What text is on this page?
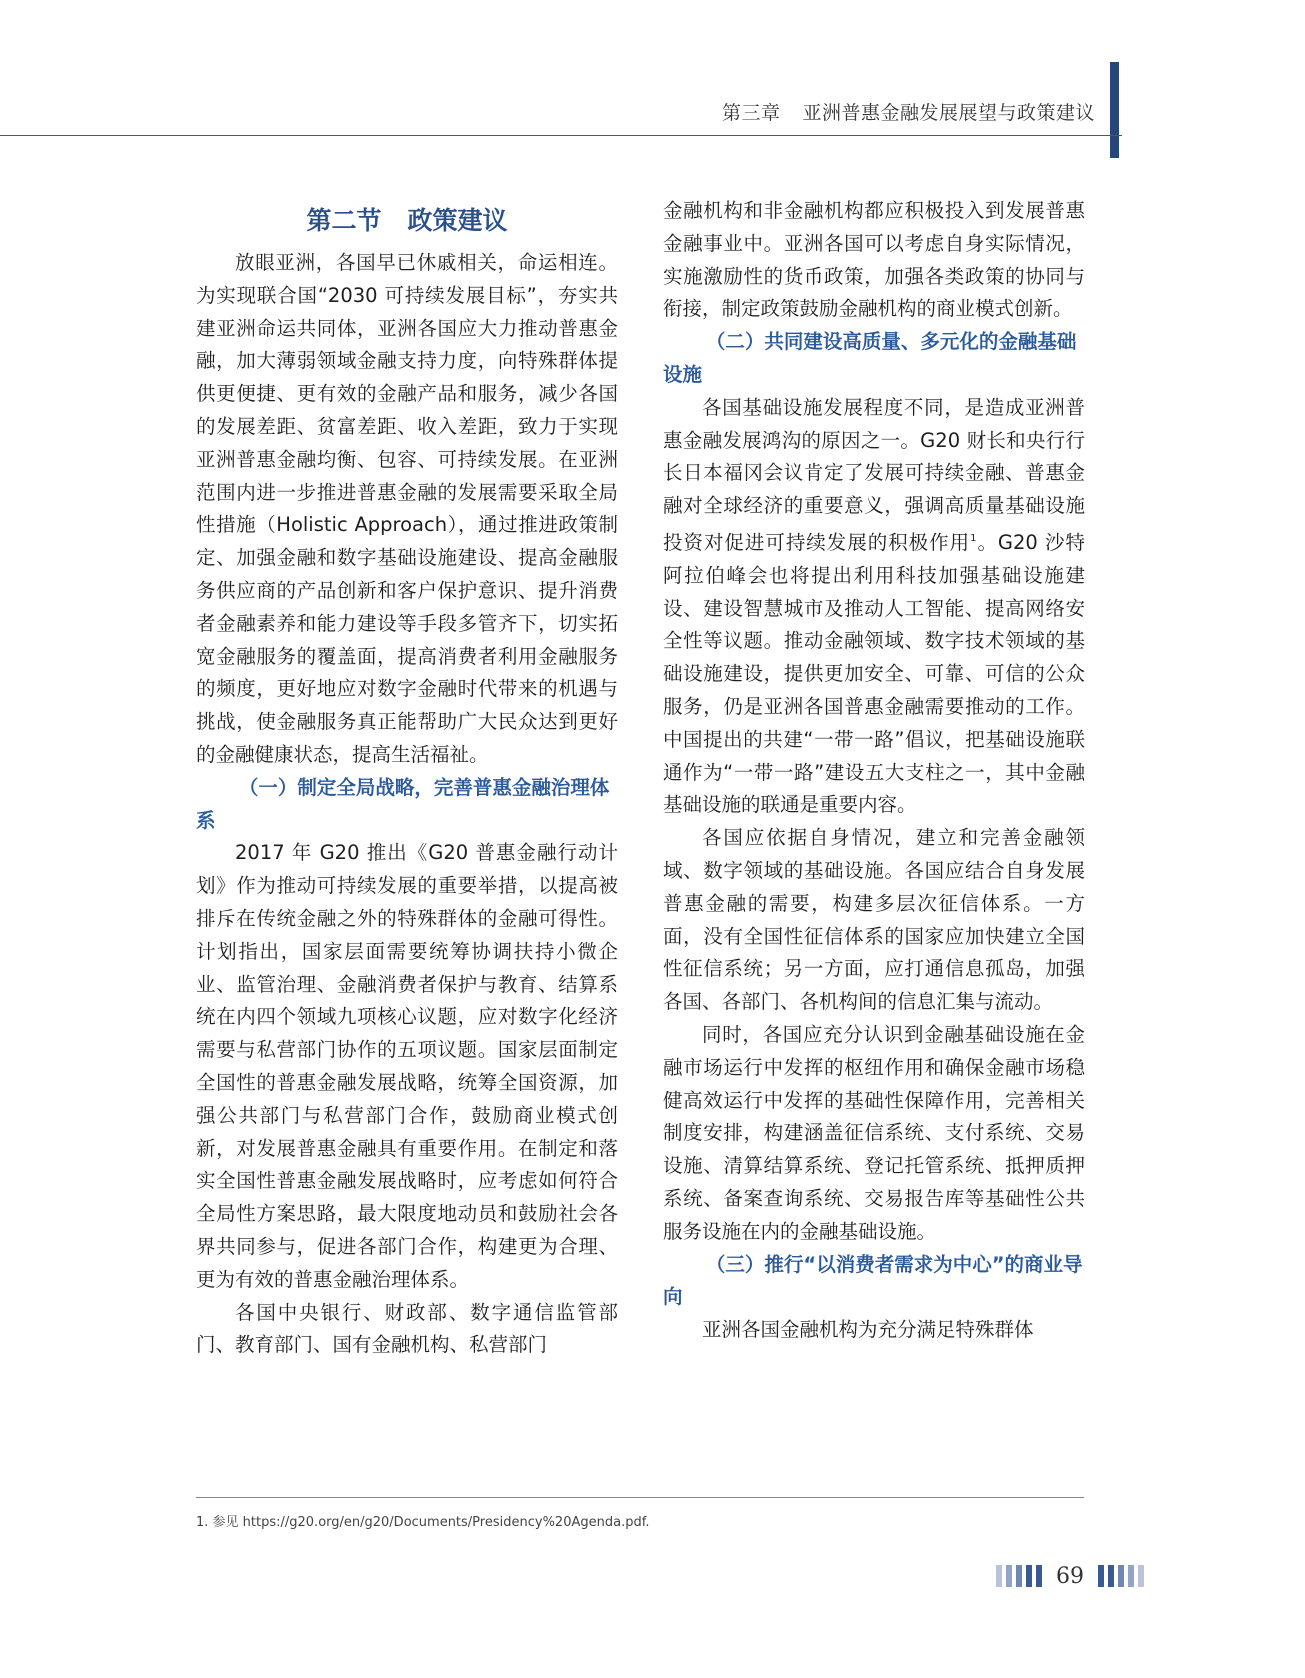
第三章 亚洲普惠金融发展展望与政策建议
第二节 政策建议

放眼亚洲，各国早已休戚相关，命运相连。为实现联合国“2030 可持续发展目标”，夯实共建亚洲命运共同体，亚洲各国应大力推动普惠金融，加大薄弱领域金融支持力度，向特殊群体提供更便捷、更有效的金融产品和服务，减少各国的发展差距、贫富差距、收入差距，致力于实现亚洲普惠金融均衡、包容、可持续发展。在亚洲范围内进一步推进普惠金融的发展需要采取全局性措施（Holistic Approach），通过推进政策制定、加强金融和数字基础设施建设、提高金融服务供应商的产品创新和客户保护意识、提升消费者金融素养和能力建设等手段多管齐下，切实拓宽金融服务的覆盖面，提高消费者利用金融服务的频度，更好地应对数字金融时代带来的机遇与挑战，使金融服务真正能帮助广大民众达到更好的金融健康状态，提高生活福祉。

（一）制定全局战略，完善普惠金融治理体系

2017 年 G20 推出《G20 普惠金融行动计划》作为推动可持续发展的重要举措，以提高被排斥在传统金融之外的特殊群体的金融可得性。计划指出，国家层面需要统筹协调扶持小微企业、监管治理、金融消费者保护与教育、结算系统在内四个领域九项核心议题，应对数字化经济需要与私营部门协作的五项议题。国家层面制定全国性的普惠金融发展战略，统筹全国资源，加强公共部门与私营部门合作，鼓励商业模式创新，对发展普惠金融具有重要作用。在制定和落实全国性普惠金融发展战略时，应考虑如何符合全局性方案思路，最大限度地动员和鼓励社会各界共同参与，促进各部门合作，构建更为合理、更为有效的普惠金融治理体系。

各国中央银行、财政部、数字通信监管部门、教育部门、国有金融机构、私营部门

金融机构和非金融机构都应积极投入到发展普惠金融事业中。亚洲各国可以考虑自身实际情况，实施激励性的货币政策，加强各类政策的协同与衔接，制定政策鼓励金融机构的商业模式创新。

（二）共同建设高质量、多元化的金融基础设施

各国基础设施发展程度不同，是造成亚洲普惠金融发展鸿沟的原因之一。G20 财长和央行行长日本福冈会议肯定了发展可持续金融、普惠金融对全球经济的重要意义，强调高质量基础设施投资对促进可持续发展的积极作用$^1$。G20 沙特阿拉伯峰会也将提出利用科技加强基础设施建设、建设智慧城市及推动人工智能、提高网络安全性等议题。推动金融领域、数字技术领域的基础设施建设，提供更加安全、可靠、可信的公众服务，仍是亚洲各国普惠金融需要推动的工作。中国提出的共建“一带一路”倡议，把基础设施联通作为“一带一路”建设五大支柱之一，其中金融基础设施的联通是重要内容。

各国应依据自身情况，建立和完善金融领域、数字领域的基础设施。各国应结合自身发展普惠金融的需要，构建多层次征信体系。一方面，没有全国性征信体系的国家应加快建立全国性征信系统；另一方面，应打通信息孤岛，加强各国、各部门、各机构间的信息汇集与流动。

同时，各国应充分认识到金融基础设施在金融市场运行中发挥的枢纽作用和确保金融市场稳健高效运行中发挥的基础性保障作用，完善相关制度安排，构建涵盖征信系统、支付系统、交易设施、清算结算系统、登记托管系统、抵押质押系统、备案查询系统、交易报告库等基础性公共服务设施在内的金融基础设施。

（三）推行“以消费者需求为中心”的商业导向

亚洲各国金融机构为充分满足特殊群体

1. 参见 https://g20.org/en/g20/Documents/Presidency%20Agenda.pdf.
69
